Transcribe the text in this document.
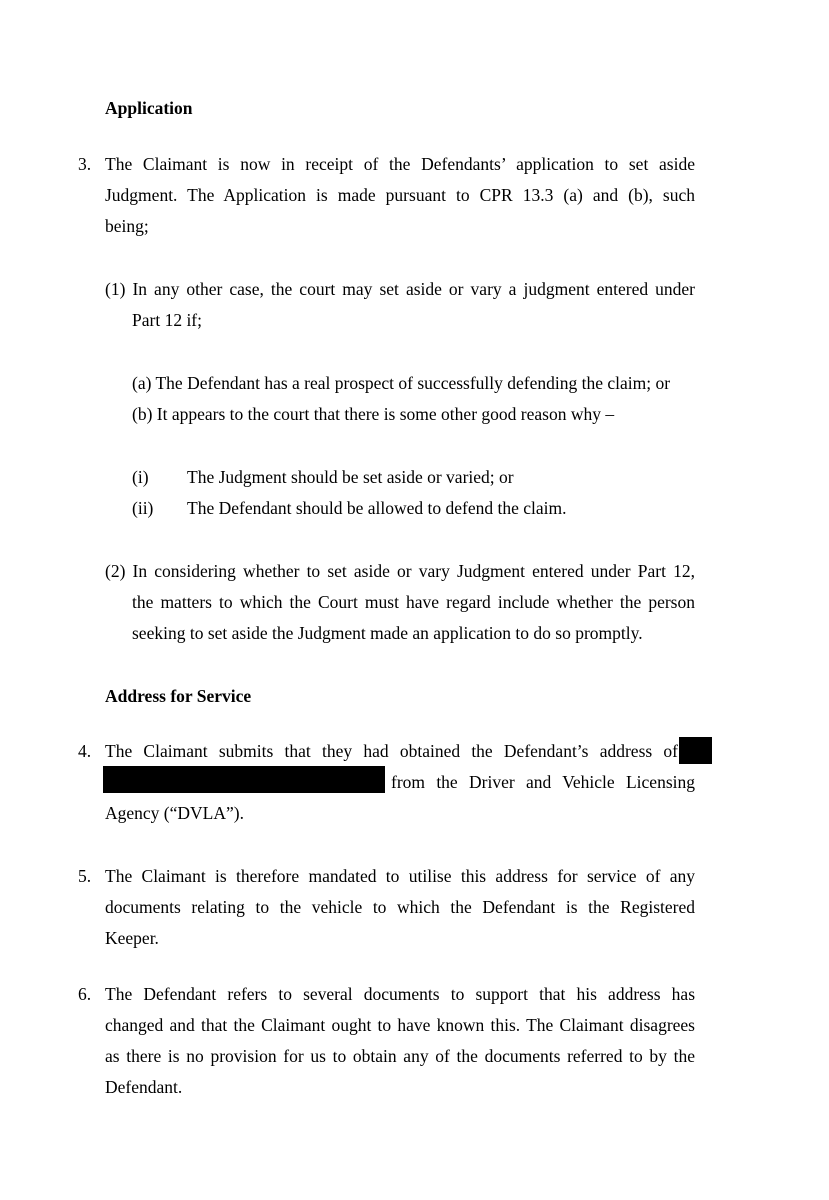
Application
3. The Claimant is now in receipt of the Defendants’ application to set aside
Judgment. The Application is made pursuant to CPR 13.3 (a) and (b), such
being;
(1) In any other case, the court may set aside or vary a judgment entered under
Part 12 if;
(a) The Defendant has a real prospect of successfully defending the claim; or
(b) It appears to the court that there is some other good reason why –
(i) The Judgment should be set aside or varied; or
(ii) The Defendant should be allowed to defend the claim.
(2) In considering whether to set aside or vary Judgment entered under Part 12,
the matters to which the Court must have regard include whether the person
seeking to set aside the Judgment made an application to do so promptly.
Address for Service
4. The Claimant submits that they had obtained the Defendant’s address of
from the Driver and Vehicle Licensing
Agency (“DVLA”).
5. The Claimant is therefore mandated to utilise this address for service of any
documents relating to the vehicle to which the Defendant is the Registered
Keeper.
6. The Defendant refers to several documents to support that his address has
changed and that the Claimant ought to have known this. The Claimant disagrees
as there is no provision for us to obtain any of the documents referred to by the
Defendant.
